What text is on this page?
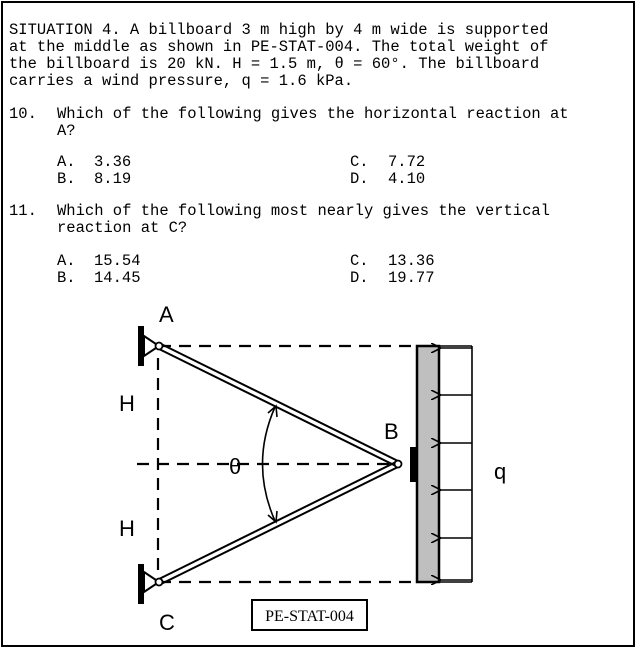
SITUATION 4. A billboard 3 m high by 4 m wide is supported
at the middle as shown in PE-STAT-004. The total weight of
the billboard is 20 kN. H = 1.5 m, θ = 60°. The billboard
carries a wind pressure, q = 1.6 kPa.
10. Which of the following gives the horizontal reaction at
A?
A. 3.36	C. 7.72
B. 8.19	D. 4.10
11. Which of the following most nearly gives the vertical
reaction at C?
A. 15.54	C. 13.36
B. 14.45	D. 19.77
A
B
C
H
H
θ	q
PE-STAT-004
